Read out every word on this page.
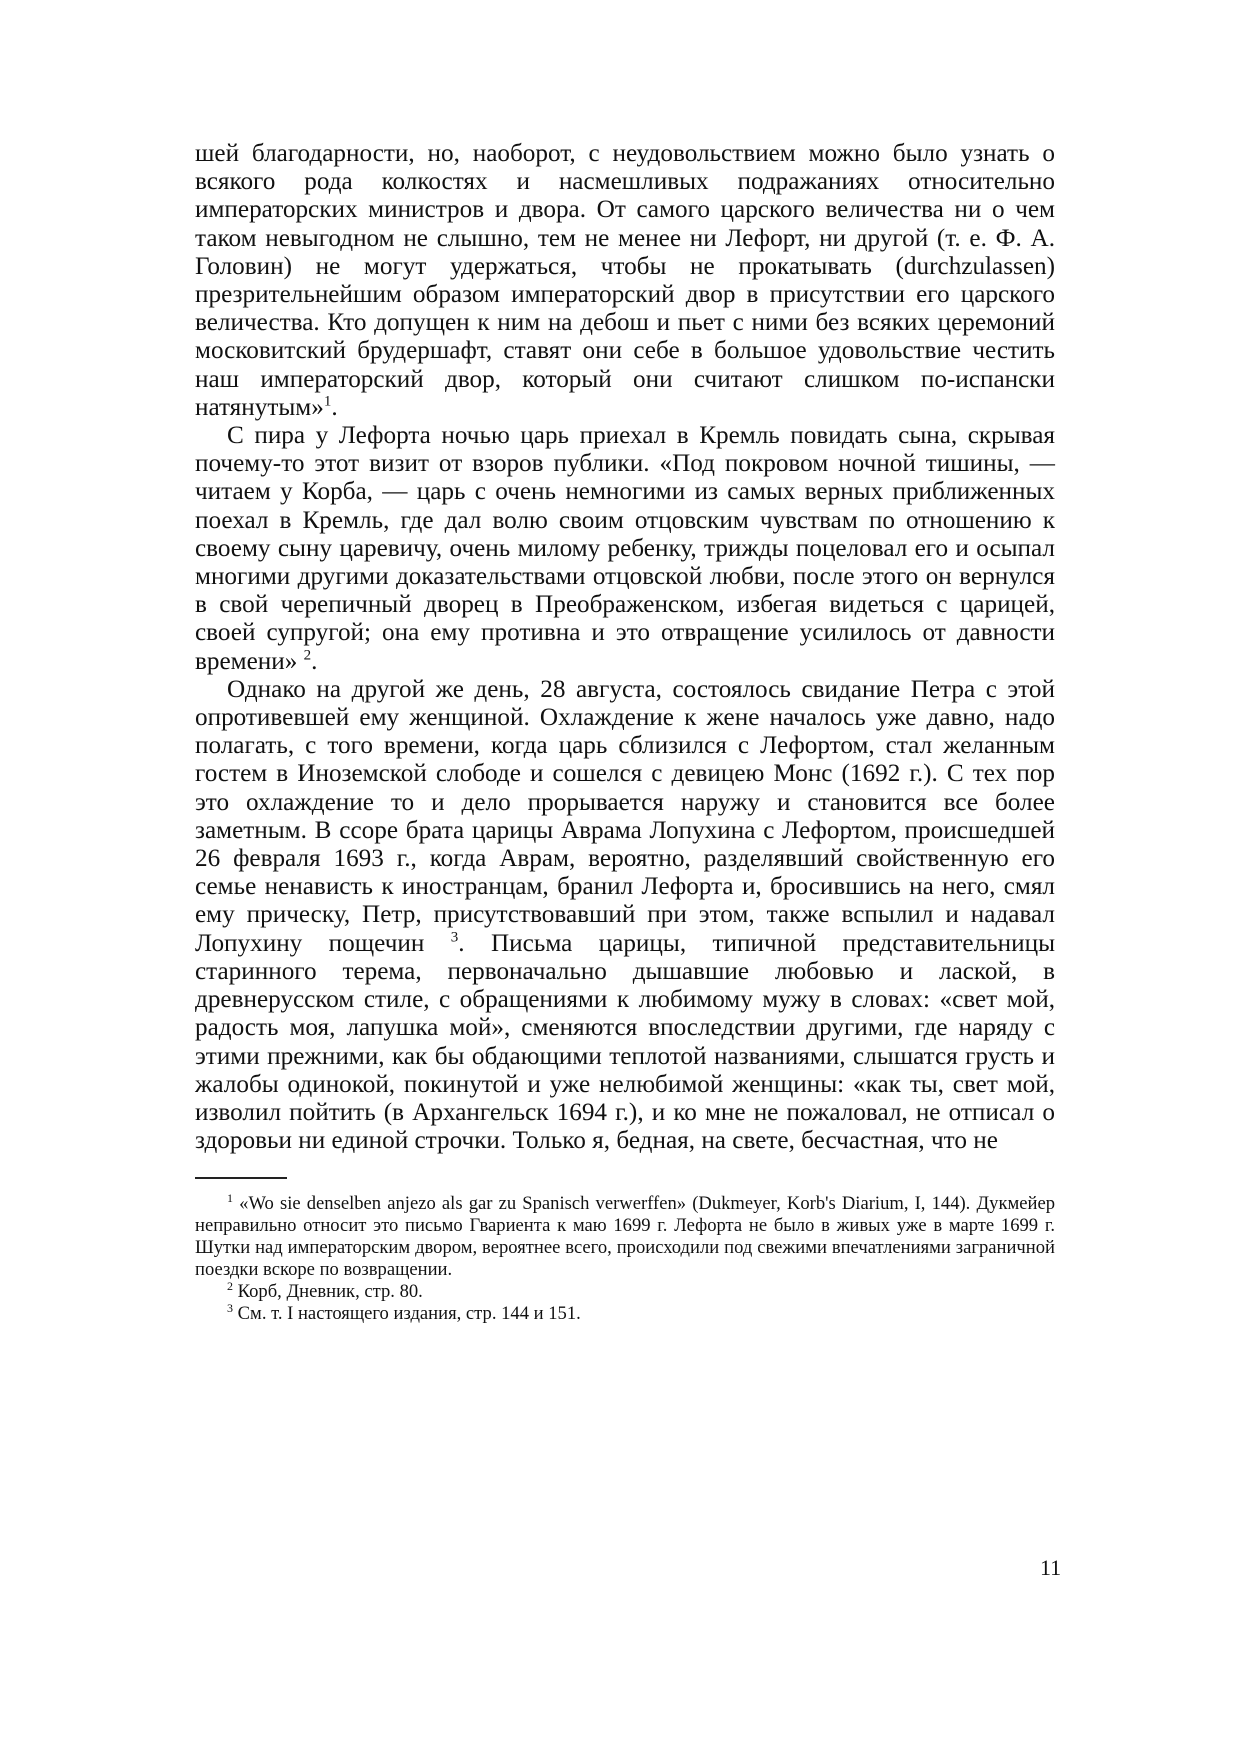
шей благодарности, но, наоборот, с неудовольствием можно было узнать о всякого рода колкостях и насмешливых подражаниях относительно императорских министров и двора. От самого царского величества ни о чем таком невыгодном не слышно, тем не менее ни Лефорт, ни другой (т. е. Ф. А. Головин) не могут удержаться, чтобы не прокатывать (durchzulassen) презрительнейшим образом императорский двор в присутствии его царского величества. Кто допущен к ним на дебош и пьет с ними без всяких церемоний московитский брудершафт, ставят они себе в большое удовольствие честить наш императорский двор, который они считают слишком по-испански натянутым»$^1$.

С пира у Лефорта ночью царь приехал в Кремль повидать сына, скрывая почему-то этот визит от взоров публики. «Под покровом ночной тишины, — читаем у Корба, — царь с очень немногими из самых верных приближенных поехал в Кремль, где дал волю своим отцовским чувствам по отношению к своему сыну царевичу, очень милому ребенку, трижды поцеловал его и осыпал многими другими доказательствами отцовской любви, после этого он вернулся в свой черепичный дворец в Преображенском, избегая видеться с царицей, своей супругой; она ему противна и это отвращение усилилось от давности времени» $^2$.

Однако на другой же день, 28 августа, состоялось свидание Петра с этой опротивевшей ему женщиной. Охлаждение к жене началось уже давно, надо полагать, с того времени, когда царь сблизился с Лефортом, стал желанным гостем в Иноземской слободе и сошелся с девицею Монс (1692 г.). С тех пор это охлаждение то и дело прорывается наружу и становится все более заметным. В ссоре брата царицы Аврама Лопухина с Лефортом, происшедшей 26 февраля 1693 г., когда Аврам, вероятно, разделявший свойственную его семье ненависть к иностранцам, бранил Лефорта и, бросившись на него, смял ему прическу, Петр, присутствовавший при этом, также вспылил и надавал Лопухину пощечин $^3$. Письма царицы, типичной представительницы старинного терема, первоначально дышавшие любовью и лаской, в древнерусском стиле, с обращениями к любимому мужу в словах: «свет мой, радость моя, лапушка мой», сменяются впоследствии другими, где наряду с этими прежними, как бы обдающими теплотой названиями, слышатся грусть и жалобы одинокой, покинутой и уже нелюбимой женщины: «как ты, свет мой, изволил пойтить (в Архангельск 1694 г.), и ко мне не пожаловал, не отписал о здоровьи ни единой строчки. Только я, бедная, на свете, бесчастная, что не

$^1$ «Wo sie denselben anjezo als gar zu Spanisch verwerffen» (Dukmeyer, Korb's Diarium, I, 144). Дукмейер неправильно относит это письмо Гвариента к маю 1699 г. Лефорта не было в живых уже в марте 1699 г. Шутки над императорским двором, вероятнее всего, происходили под свежими впечатлениями заграничной поездки вскоре по возвращении.

$^2$ Корб, Дневник, стр. 80.

$^3$ См. т. I настоящего издания, стр. 144 и 151.

11
